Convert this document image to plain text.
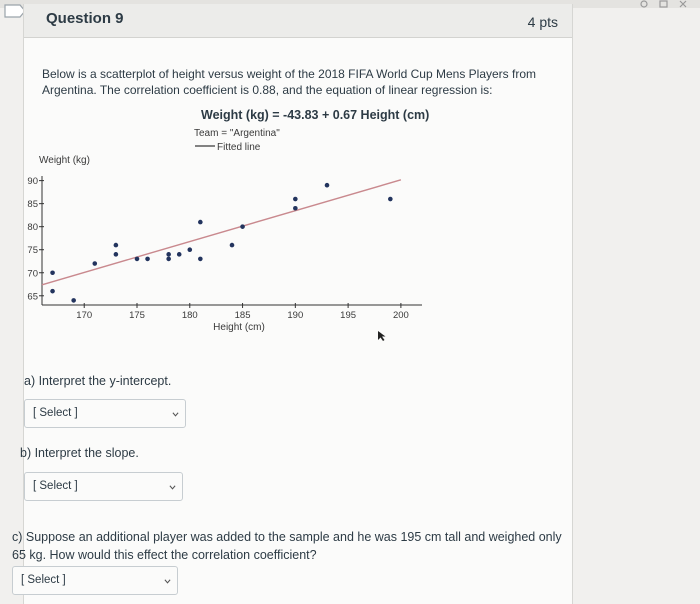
Question 9	4 pts
Below is a scatterplot of height versus weight of the 2018 FIFA World Cup Mens Players from Argentina. The correlation coefficient is 0.88, and the equation of linear regression is:
Weight (kg) = -43.83 + 0.67 Height (cm)
Team = "Argentina"
Fitted line
Weight (kg)
Height (cm)
65
70
75
80
85
90
170	175	180	185	190	195	200
a) Interpret the y-intercept.
[ Select ]
b) Interpret the slope.
[ Select ]
c) Suppose an additional player was added to the sample and he was 195 cm tall and weighed only 65 kg. How would this effect the correlation coefficient?
[ Select ]
